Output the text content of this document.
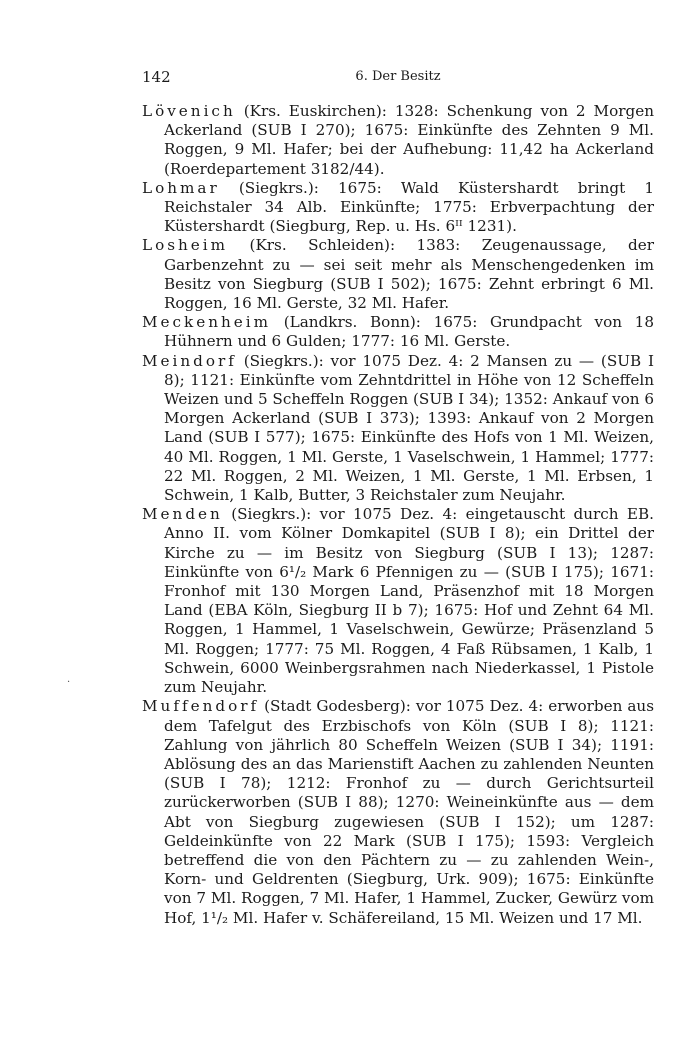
142	6. Der Besitz

Lövenich (Krs. Euskirchen): 1328: Schenkung von 2 Morgen Ackerland (SUB I 270); 1675: Einkünfte des Zehnten 9 Ml. Roggen, 9 Ml. Hafer; bei der Aufhebung: 11,42 ha Ackerland (Roerdepartement 3182/44).

Lohmar (Siegkrs.): 1675: Wald Küstershardt bringt 1 Reichstaler 34 Alb. Einkünfte; 1775: Erbverpachtung der Küstershardt (Siegburg, Rep. u. Hs. 6ᴵᴵ 1231).

Losheim (Krs. Schleiden): 1383: Zeugenaussage, der Garbenzehnt zu — sei seit mehr als Menschengedenken im Besitz von Siegburg (SUB I 502); 1675: Zehnt erbringt 6 Ml. Roggen, 16 Ml. Gerste, 32 Ml. Hafer.

Meckenheim (Landkrs. Bonn): 1675: Grundpacht von 18 Hühnern und 6 Gulden; 1777: 16 Ml. Gerste.

Meindorf (Siegkrs.): vor 1075 Dez. 4: 2 Mansen zu — (SUB I 8); 1121: Einkünfte vom Zehntdrittel in Höhe von 12 Scheffeln Weizen und 5 Scheffeln Roggen (SUB I 34); 1352: Ankauf von 6 Morgen Ackerland (SUB I 373); 1393: Ankauf von 2 Morgen Land (SUB I 577); 1675: Einkünfte des Hofs von 1 Ml. Weizen, 40 Ml. Roggen, 1 Ml. Gerste, 1 Vaselschwein, 1 Hammel; 1777: 22 Ml. Roggen, 2 Ml. Weizen, 1 Ml. Gerste, 1 Ml. Erbsen, 1 Schwein, 1 Kalb, Butter, 3 Reichstaler zum Neujahr.

Menden (Siegkrs.): vor 1075 Dez. 4: eingetauscht durch EB. Anno II. vom Kölner Domkapitel (SUB I 8); ein Drittel der Kirche zu — im Besitz von Siegburg (SUB I 13); 1287: Einkünfte von 6¹/₂ Mark 6 Pfennigen zu — (SUB I 175); 1671: Fronhof mit 130 Morgen Land, Präsenzhof mit 18 Morgen Land (EBA Köln, Siegburg II b 7); 1675: Hof und Zehnt 64 Ml. Roggen, 1 Hammel, 1 Vaselschwein, Gewürze; Präsenzland 5 Ml. Roggen; 1777: 75 Ml. Roggen, 4 Faß Rübsamen, 1 Kalb, 1 Schwein, 6000 Weinbergsrahmen nach Niederkassel, 1 Pistole zum Neujahr.

Muffendorf (Stadt Godesberg): vor 1075 Dez. 4: erworben aus dem Tafelgut des Erzbischofs von Köln (SUB I 8); 1121: Zahlung von jährlich 80 Scheffeln Weizen (SUB I 34); 1191: Ablösung des an das Marienstift Aachen zu zahlenden Neunten (SUB I 78); 1212: Fronhof zu — durch Gerichtsurteil zurückerworben (SUB I 88); 1270: Weineinkünfte aus — dem Abt von Siegburg zugewiesen (SUB I 152); um 1287: Geldeinkünfte von 22 Mark (SUB I 175); 1593: Vergleich betreffend die von den Pächtern zu — zu zahlenden Wein-, Korn- und Geldrenten (Siegburg, Urk. 909); 1675: Einkünfte von 7 Ml. Roggen, 7 Ml. Hafer, 1 Hammel, Zucker, Gewürz vom Hof, 1¹/₂ Ml. Hafer v. Schäfereiland, 15 Ml. Weizen und 17 Ml.

·
